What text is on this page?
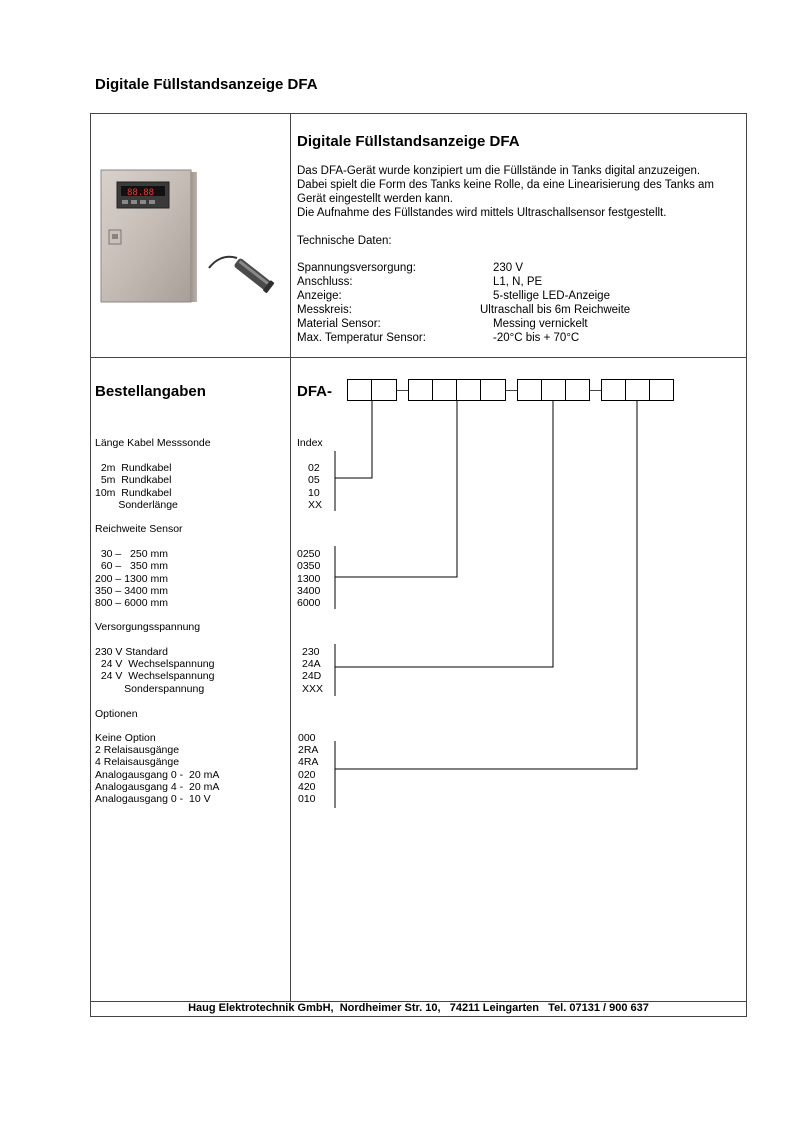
Digitale Füllstandsanzeige DFA
88.88
Digitale Füllstandsanzeige DFA
Das DFA-Gerät wurde konzipiert um die Füllstände in Tanks digital anzuzeigen.
Dabei spielt die Form des Tanks keine Rolle, da eine Linearisierung des Tanks am
Gerät eingestellt werden kann.
Die Aufnahme des Füllstandes wird mittels Ultraschallsensor festgestellt.
Technische Daten:
Spannungsversorgung:	230 V
Anschluss:	L1, N, PE
Anzeige:	5-stellige LED-Anzeige
Messkreis:	Ultraschall bis 6m Reichweite
Material Sensor:	Messing vernickelt
Max. Temperatur Sensor:	-20°C bis + 70°C
Bestellangaben	DFA-
Index
Länge Kabel Messsonde
2m  Rundkabel	02
5m  Rundkabel	05
10m  Rundkabel	10
Sonderlänge	XX
Reichweite Sensor
30 –   250 mm	0250
60 –   350 mm	0350
200 – 1300 mm	1300
350 – 3400 mm	3400
800 – 6000 mm	6000
Versorgungsspannung
230 V Standard	230
24 V  Wechselspannung	24A
24 V  Wechselspannung	24D
Sonderspannung	XXX
Optionen
Keine Option	000
2 Relaisausgänge	2RA
4 Relaisausgänge	4RA
Analogausgang 0 -  20 mA	020
Analogausgang 4 -  20 mA	420
Analogausgang 0 -  10 V	010
Haug Elektrotechnik GmbH,  Nordheimer Str. 10,   74211 Leingarten   Tel. 07131 / 900 637
